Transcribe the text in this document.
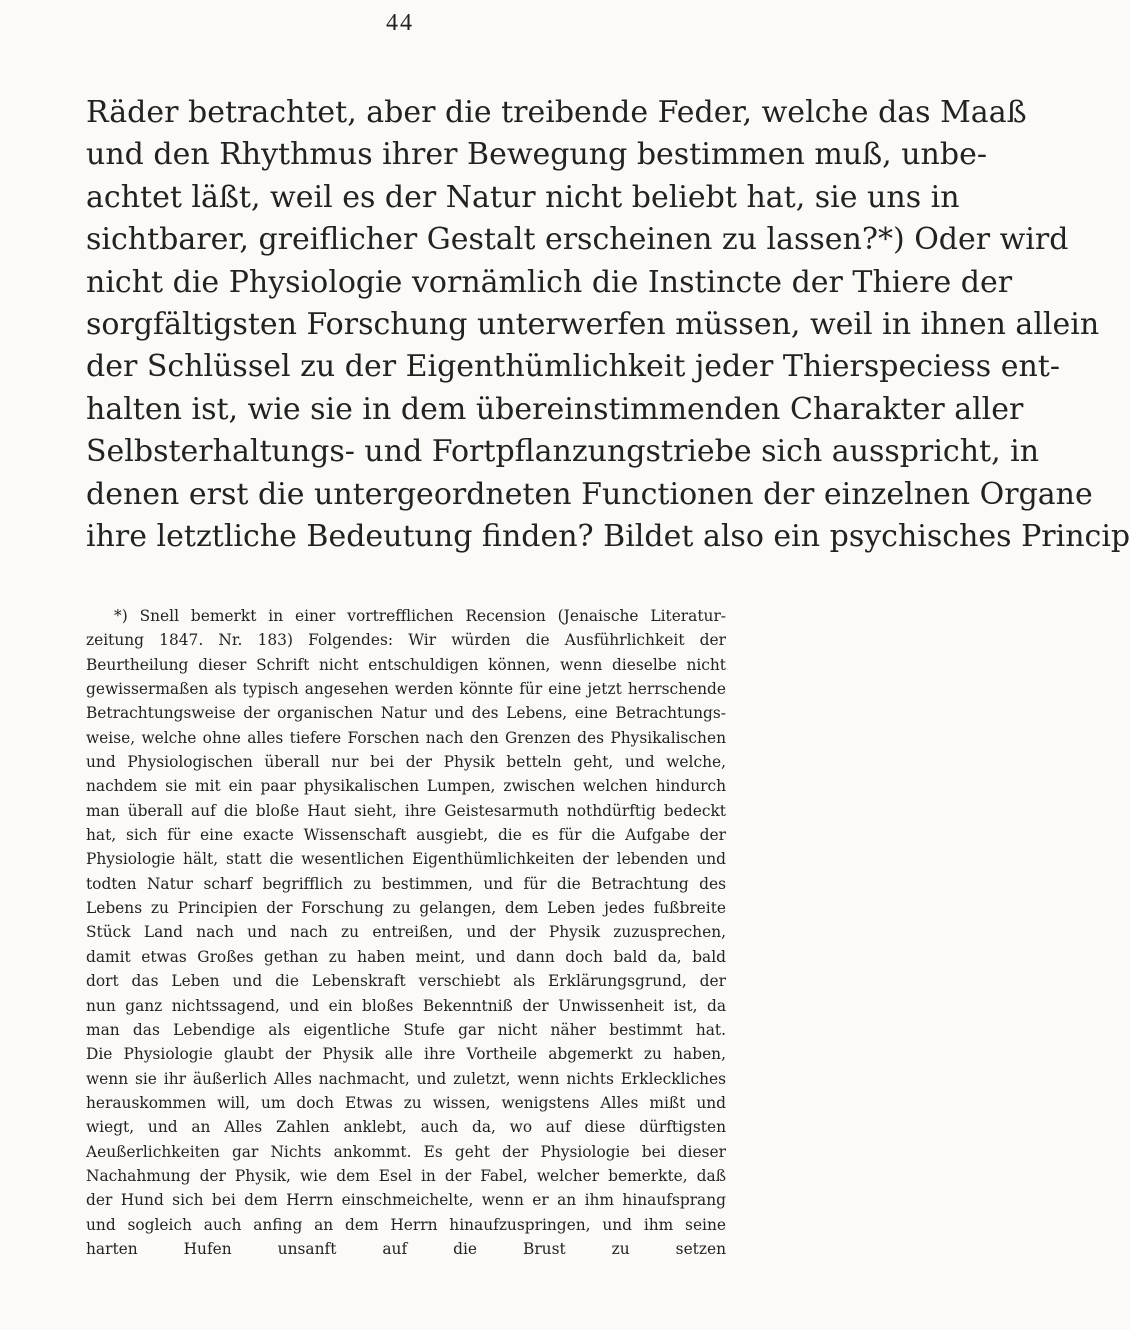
44
Räder betrachtet, aber die treibende Feder, welche das Maaß
und den Rhythmus ihrer Bewegung bestimmen muß, unbe-
achtet läßt, weil es der Natur nicht beliebt hat, sie uns in
sichtbarer, greiflicher Gestalt erscheinen zu lassen?*) Oder wird
nicht die Physiologie vornämlich die Instincte der Thiere der
sorgfältigsten Forschung unterwerfen müssen, weil in ihnen allein
der Schlüssel zu der Eigenthümlichkeit jeder Thierspeciess ent-
halten ist, wie sie in dem übereinstimmenden Charakter aller
Selbsterhaltungs- und Fortpflanzungstriebe sich ausspricht, in
denen erst die untergeordneten Functionen der einzelnen Organe
ihre letztliche Bedeutung finden? Bildet also ein psychisches Princip
*) Snell bemerkt in einer vortrefflichen Recension (Jenaische Literatur-
zeitung 1847. Nr. 183) Folgendes: Wir würden die Ausführlichkeit der
Beurtheilung dieser Schrift nicht entschuldigen können, wenn dieselbe nicht
gewissermaßen als typisch angesehen werden könnte für eine jetzt herrschende
Betrachtungsweise der organischen Natur und des Lebens, eine Betrachtungs-
weise, welche ohne alles tiefere Forschen nach den Grenzen des Physikalischen
und Physiologischen überall nur bei der Physik betteln geht, und welche,
nachdem sie mit ein paar physikalischen Lumpen, zwischen welchen hindurch
man überall auf die bloße Haut sieht, ihre Geistesarmuth nothdürftig bedeckt
hat, sich für eine exacte Wissenschaft ausgiebt, die es für die Aufgabe der
Physiologie hält, statt die wesentlichen Eigenthümlichkeiten der lebenden und
todten Natur scharf begrifflich zu bestimmen, und für die Betrachtung des
Lebens zu Principien der Forschung zu gelangen, dem Leben jedes fußbreite
Stück Land nach und nach zu entreißen, und der Physik zuzusprechen,
damit etwas Großes gethan zu haben meint, und dann doch bald da, bald
dort das Leben und die Lebenskraft verschiebt als Erklärungsgrund, der
nun ganz nichtssagend, und ein bloßes Bekenntniß der Unwissenheit ist, da
man das Lebendige als eigentliche Stufe gar nicht näher bestimmt hat.
Die Physiologie glaubt der Physik alle ihre Vortheile abgemerkt zu haben,
wenn sie ihr äußerlich Alles nachmacht, und zuletzt, wenn nichts Erkleckliches
herauskommen will, um doch Etwas zu wissen, wenigstens Alles mißt und
wiegt, und an Alles Zahlen anklebt, auch da, wo auf diese dürftigsten
Aeußerlichkeiten gar Nichts ankommt. Es geht der Physiologie bei dieser
Nachahmung der Physik, wie dem Esel in der Fabel, welcher bemerkte, daß
der Hund sich bei dem Herrn einschmeichelte, wenn er an ihm hinaufsprang
und sogleich auch anfing an dem Herrn hinaufzuspringen, und ihm seine
harten Hufen unsanft auf die Brust zu setzen
